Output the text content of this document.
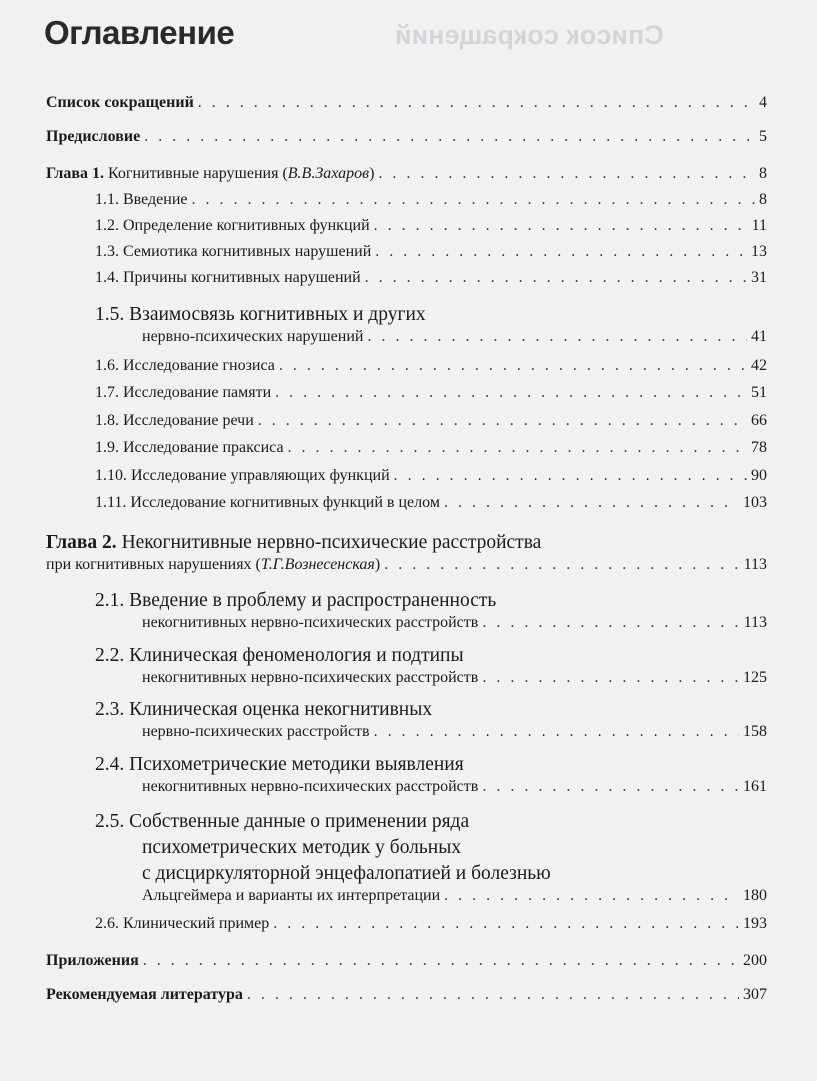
Список сокращений
Оглавление
Список сокращений . . .	4
Предисловие . . .	5
Глава 1. Когнитивные нарушения (В.В.Захаров) . . .	8
1.1. Введение . . .	8
1.2. Определение когнитивных функций . . .	11
1.3. Семиотика когнитивных нарушений . . .	13
1.4. Причины когнитивных нарушений . . .	31
1.5. Взаимосвязь когнитивных и других
нервно-психических нарушений . . .	41
1.6. Исследование гнозиса . . .	42
1.7. Исследование памяти . . .	51
1.8. Исследование речи . . .	66
1.9. Исследование праксиса . . .	78
1.10. Исследование управляющих функций . . .	90
1.11. Исследование когнитивных функций в целом . . .	103
Глава 2. Некогнитивные нервно-психические расстройства
при когнитивных нарушениях (Т.Г.Вознесенская) . . .	113
2.1. Введение в проблему и распространенность
некогнитивных нервно-психических расстройств . . .	113
2.2. Клиническая феноменология и подтипы
некогнитивных нервно-психических расстройств . . .	125
2.3. Клиническая оценка некогнитивных
нервно-психических расстройств . . .	158
2.4. Психометрические методики выявления
некогнитивных нервно-психических расстройств . . .	161
2.5. Собственные данные о применении ряда
психометрических методик у больных
с дисциркуляторной энцефалопатией и болезнью
Альцгеймера и варианты их интерпретации . . .	180
2.6. Клинический пример . . .	193
Приложения . . .	200
Рекомендуемая литература . . .	307
